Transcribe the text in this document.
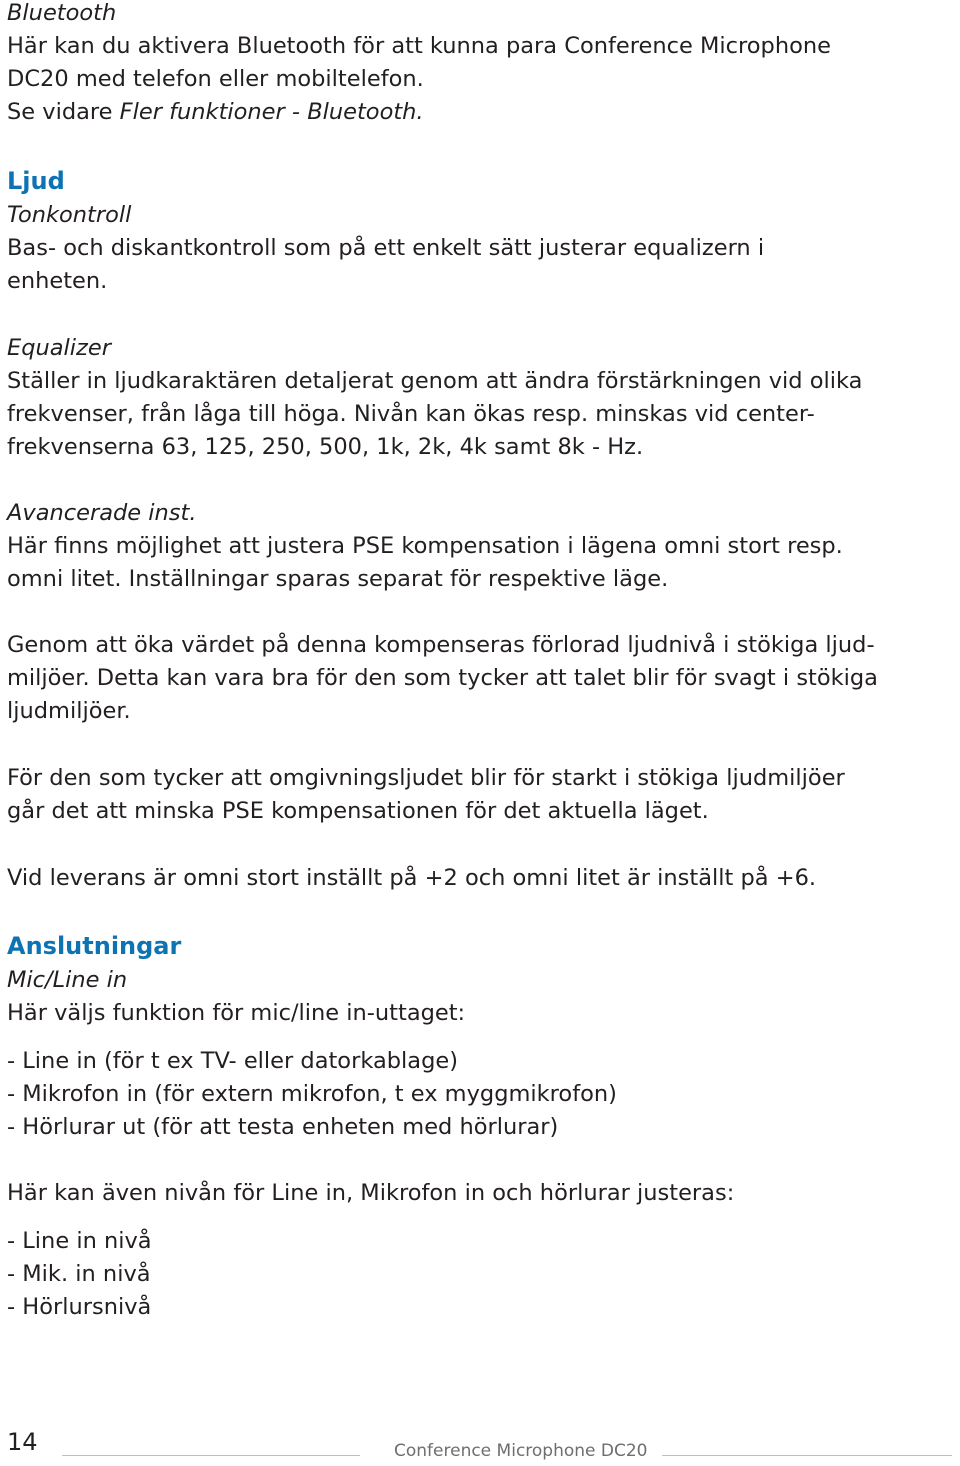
Bluetooth
Här kan du aktivera Bluetooth för att kunna para Conference Microphone
DC20 med telefon eller mobiltelefon.
Se vidare Fler funktioner - Bluetooth.
Ljud
Tonkontroll
Bas- och diskantkontroll som på ett enkelt sätt justerar equalizern i
enheten.
Equalizer
Ställer in ljudkaraktären detaljerat genom att ändra förstärkningen vid olika
frekvenser, från låga till höga. Nivån kan ökas resp. minskas vid center-
frekvenserna 63, 125, 250, 500, 1k, 2k, 4k samt 8k - Hz.
Avancerade inst.
Här finns möjlighet att justera PSE kompensation i lägena omni stort resp.
omni litet. Inställningar sparas separat för respektive läge.
Genom att öka värdet på denna kompenseras förlorad ljudnivå i stökiga ljud-
miljöer. Detta kan vara bra för den som tycker att talet blir för svagt i stökiga
ljudmiljöer.
För den som tycker att omgivningsljudet blir för starkt i stökiga ljudmiljöer
går det att minska PSE kompensationen för det aktuella läget.
Vid leverans är omni stort inställt på +2 och omni litet är inställt på +6.
Anslutningar
Mic/Line in
Här väljs funktion för mic/line in-uttaget:
- Line in (för t ex TV- eller datorkablage)
- Mikrofon in (för extern mikrofon, t ex myggmikrofon)
- Hörlurar ut (för att testa enheten med hörlurar)
Här kan även nivån för Line in, Mikrofon in och hörlurar justeras:
- Line in nivå
- Mik. in nivå
- Hörlursnivå
14	Conference Microphone DC20
